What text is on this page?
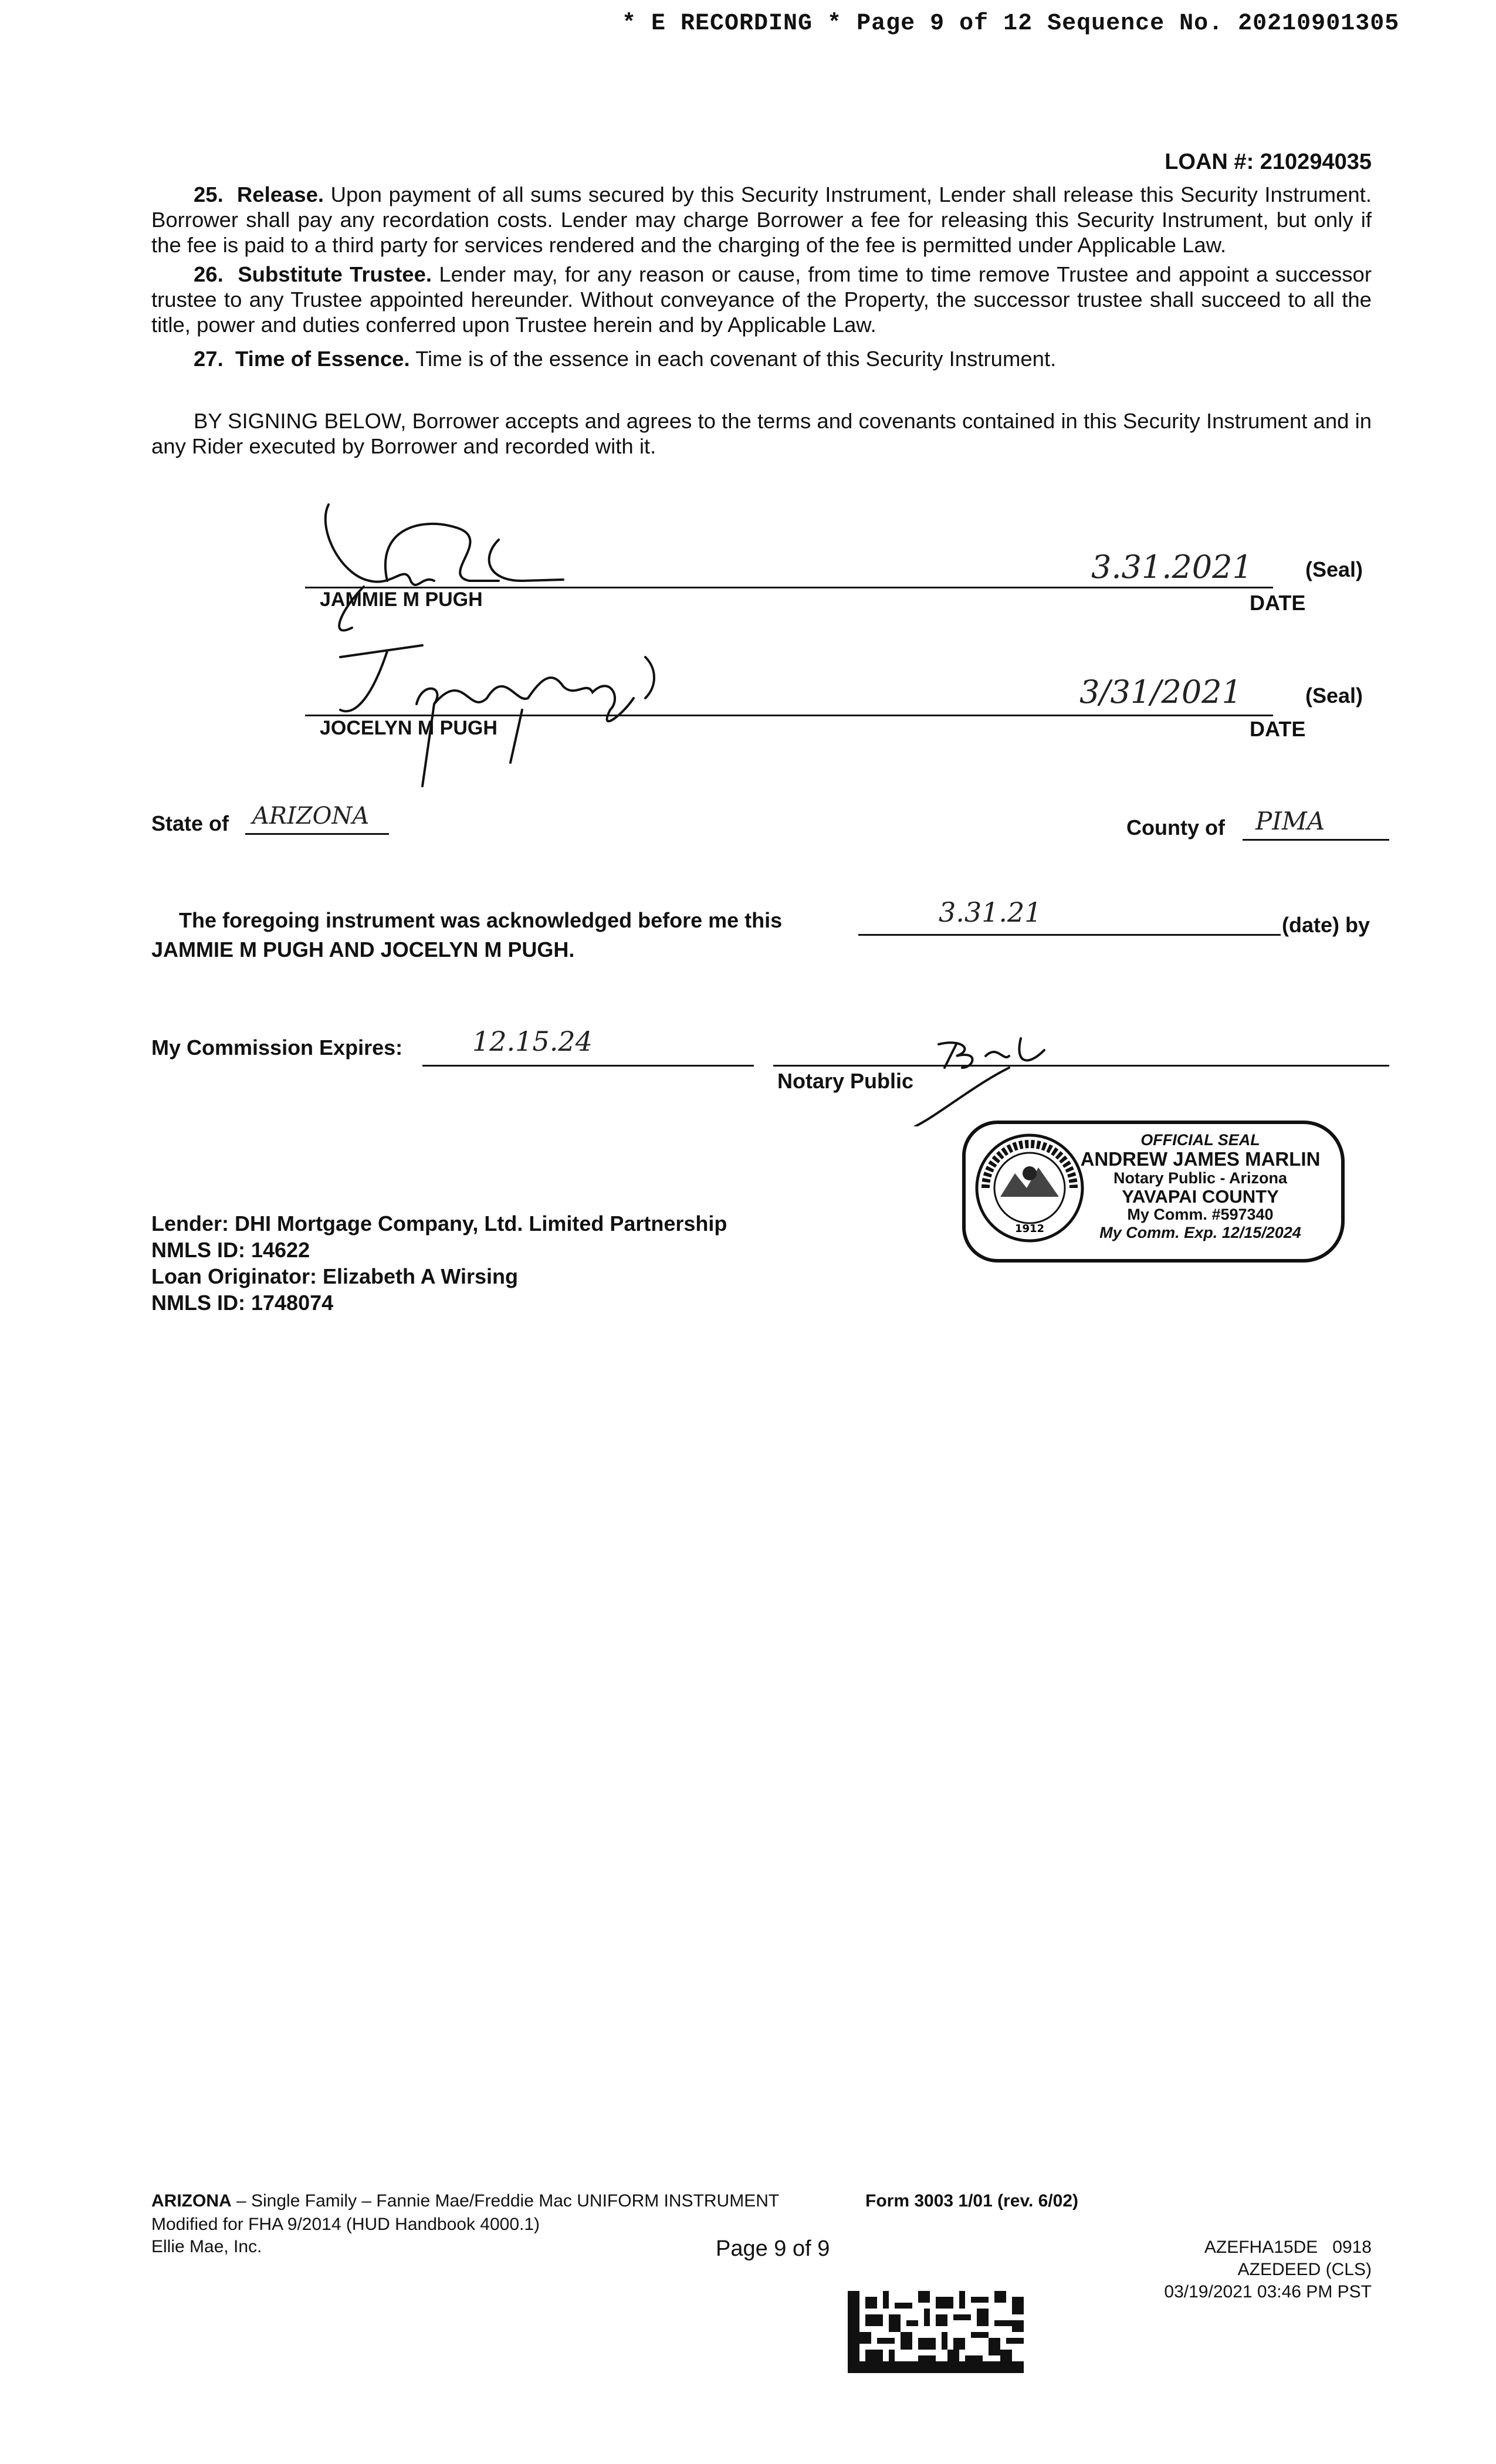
* E RECORDING * Page 9 of 12 Sequence No. 20210901305
LOAN #: 210294035
25. Release. Upon payment of all sums secured by this Security Instrument, Lender shall release this Security Instrument. Borrower shall pay any recordation costs. Lender may charge Borrower a fee for releasing this Security Instrument, but only if the fee is paid to a third party for services rendered and the charging of the fee is permitted under Applicable Law.
26. Substitute Trustee. Lender may, for any reason or cause, from time to time remove Trustee and appoint a successor trustee to any Trustee appointed hereunder. Without conveyance of the Property, the successor trustee shall succeed to all the title, power and duties conferred upon Trustee herein and by Applicable Law.
27. Time of Essence. Time is of the essence in each covenant of this Security Instrument.
BY SIGNING BELOW, Borrower accepts and agrees to the terms and covenants contained in this Security Instrument and in any Rider executed by Borrower and recorded with it.
3.31.2021	(Seal)
JAMMIE M PUGH	DATE
3/31/2021	(Seal)
JOCELYN M PUGH	DATE
State of ARIZONA	County of PIMA
The foregoing instrument was acknowledged before me this	3.31.21	(date) by
JAMMIE M PUGH AND JOCELYN M PUGH.
My Commission Expires:	12.15.24
Notary Public
1912
OFFICIAL SEAL
ANDREW JAMES MARLIN
Notary Public - Arizona
YAVAPAI COUNTY
My Comm. #597340
My Comm. Exp. 12/15/2024
Lender: DHI Mortgage Company, Ltd. Limited Partnership
NMLS ID: 14622
Loan Originator: Elizabeth A Wirsing
NMLS ID: 1748074
ARIZONA – Single Family – Fannie Mae/Freddie Mac UNIFORM INSTRUMENT	Form 3003 1/01 (rev. 6/02)
Modified for FHA 9/2014 (HUD Handbook 4000.1)
Ellie Mae, Inc.	Page 9 of 9	AZEFHA15DE   0918
AZEDEED (CLS)
03/19/2021 03:46 PM PST
